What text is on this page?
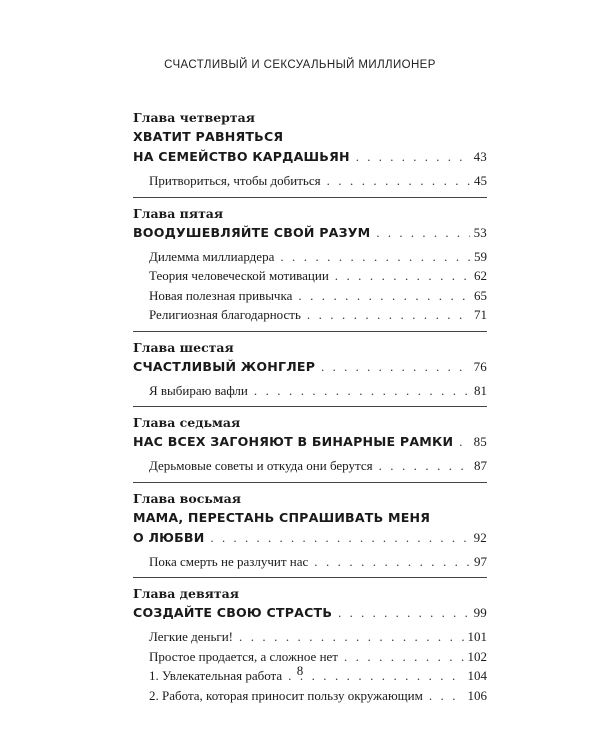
СЧАСТЛИВЫЙ И СЕКСУАЛЬНЫЙ МИЛЛИОНЕР
Глава четвертая
ХВАТИТ РАВНЯТЬСЯ
НА СЕМЕЙСТВО КАРДАШЬЯН . . .	43
Притвориться, чтобы добиться . . .	45
Глава пятая
ВООДУШЕВЛЯЙТЕ СВОЙ РАЗУМ . . .	53
Дилемма миллиардера . . .	59
Теория человеческой мотивации . . .	62
Новая полезная привычка . . .	65
Религиозная благодарность . . .	71
Глава шестая
СЧАСТЛИВЫЙ ЖОНГЛЕР . . .	76
Я выбираю вафли . . .	81
Глава седьмая
НАС ВСЕХ ЗАГОНЯЮТ В БИНАРНЫЕ РАМКИ . . . 85
Дерьмовые советы и откуда они берутся . . .	87
Глава восьмая
МАМА, ПЕРЕСТАНЬ СПРАШИВАТЬ МЕНЯ
О ЛЮБВИ . . .	92
Пока смерть не разлучит нас . . .	97
Глава девятая
СОЗДАЙТЕ СВОЮ СТРАСТЬ . . .	99
Легкие деньги! . . .	101
Простое продается, а сложное нет . . .	102
1. Увлекательная работа . . .	104
2. Работа, которая приносит пользу окружающим . . .	106
8
